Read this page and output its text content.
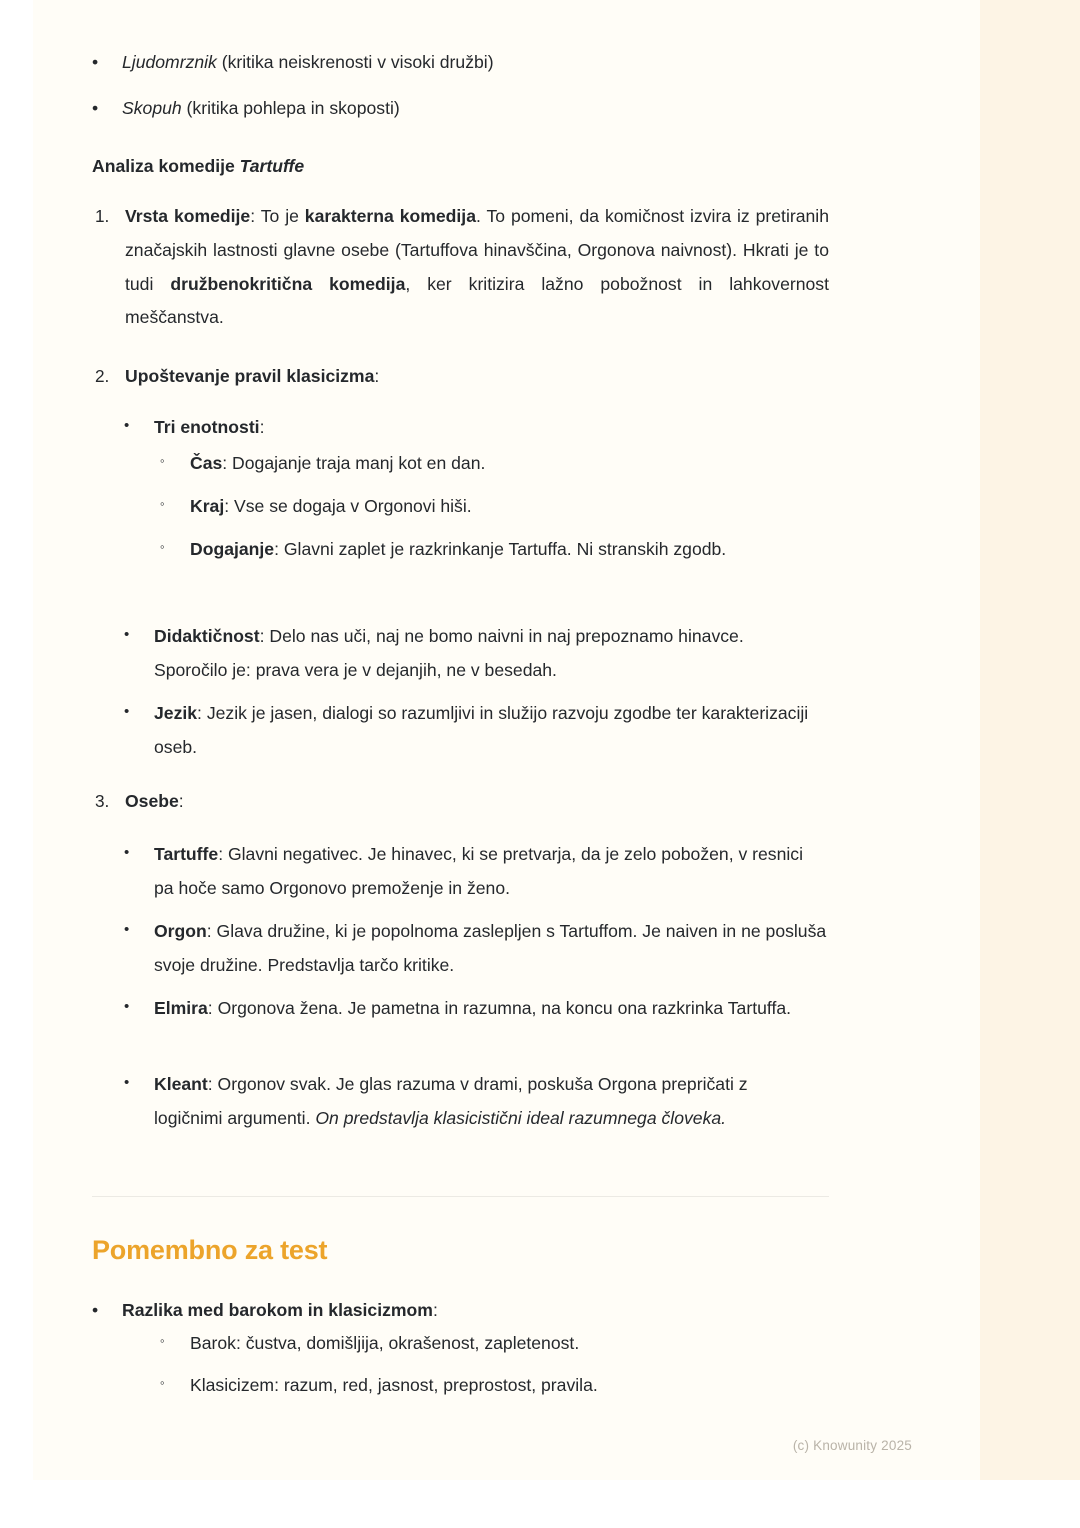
•	Ljudomrznik (kritika neiskrenosti v visoki družbi)
•	Skopuh (kritika pohlepa in skoposti)
Analiza komedije Tartuffe
1. Vrsta komedije: To je karakterna komedija. To pomeni, da komičnost izvira iz pretiranih značajskih lastnosti glavne osebe (Tartuffova hinavščina, Orgonova naivnost). Hkrati je to tudi družbenokritična komedija, ker kritizira lažno pobožnost in lahkovernost meščanstva.
2. Upoštevanje pravil klasicizma:
•	Tri enotnosti:
◦	Čas: Dogajanje traja manj kot en dan.
◦	Kraj: Vse se dogaja v Orgonovi hiši.
◦	Dogajanje: Glavni zaplet je razkrinkanje Tartuffa. Ni stranskih zgodb.
•	Didaktičnost: Delo nas uči, naj ne bomo naivni in naj prepoznamo hinavce. Sporočilo je: prava vera je v dejanjih, ne v besedah.
•	Jezik: Jezik je jasen, dialogi so razumljivi in služijo razvoju zgodbe ter karakterizaciji oseb.
3. Osebe:
•	Tartuffe: Glavni negativec. Je hinavec, ki se pretvarja, da je zelo pobožen, v resnici pa hoče samo Orgonovo premoženje in ženo.
•	Orgon: Glava družine, ki je popolnoma zaslepljen s Tartuffom. Je naiven in ne posluša svoje družine. Predstavlja tarčo kritike.
•	Elmira: Orgonova žena. Je pametna in razumna, na koncu ona razkrinka Tartuffa.
•	Kleant: Orgonov svak. Je glas razuma v drami, poskuša Orgona prepričati z logičnimi argumenti. On predstavlja klasicistični ideal razumnega človeka.
Pomembno za test
•	Razlika med barokom in klasicizmom:
◦	Barok: čustva, domišljija, okrašenost, zapletenost.
◦	Klasicizem: razum, red, jasnost, preprostost, pravila.
(c) Knowunity 2025
